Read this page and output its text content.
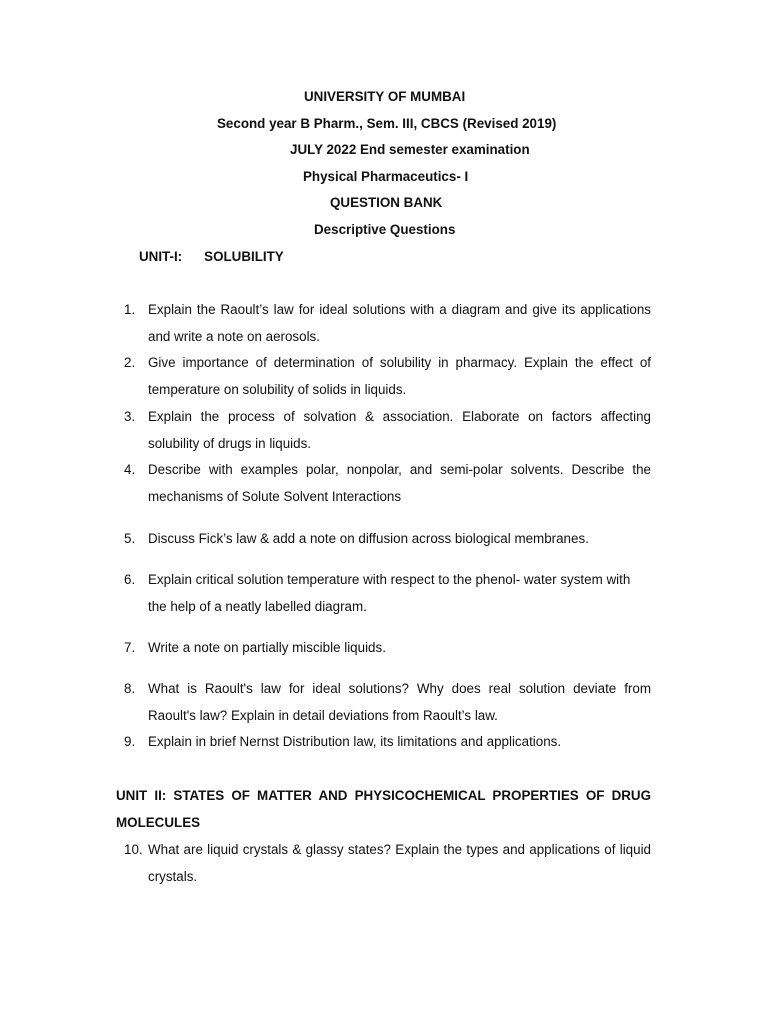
UNIVERSITY OF MUMBAI
Second year B Pharm., Sem. III, CBCS (Revised 2019)
JULY 2022 End semester examination
Physical Pharmaceutics- I
QUESTION BANK
Descriptive Questions
UNIT-I: SOLUBILITY
1. Explain the Raoult’s law for ideal solutions with a diagram and give its applications and write a note on aerosols.

2. Give importance of determination of solubility in pharmacy. Explain the effect of temperature on solubility of solids in liquids.

3. Explain the process of solvation & association. Elaborate on factors affecting solubility of drugs in liquids.

4. Describe with examples polar, nonpolar, and semi-polar solvents. Describe the mechanisms of Solute Solvent Interactions

5. Discuss Fick’s law & add a note on diffusion across biological membranes.

6. Explain critical solution temperature with respect to the phenol- water system with the help of a neatly labelled diagram.

7. Write a note on partially miscible liquids.

8. What is Raoult's law for ideal solutions? Why does real solution deviate from Raoult's law? Explain in detail deviations from Raoult’s law.

9. Explain in brief Nernst Distribution law, its limitations and applications.

UNIT II: STATES OF MATTER AND PHYSICOCHEMICAL PROPERTIES OF DRUG MOLECULES

10. What are liquid crystals & glassy states? Explain the types and applications of liquid crystals.
